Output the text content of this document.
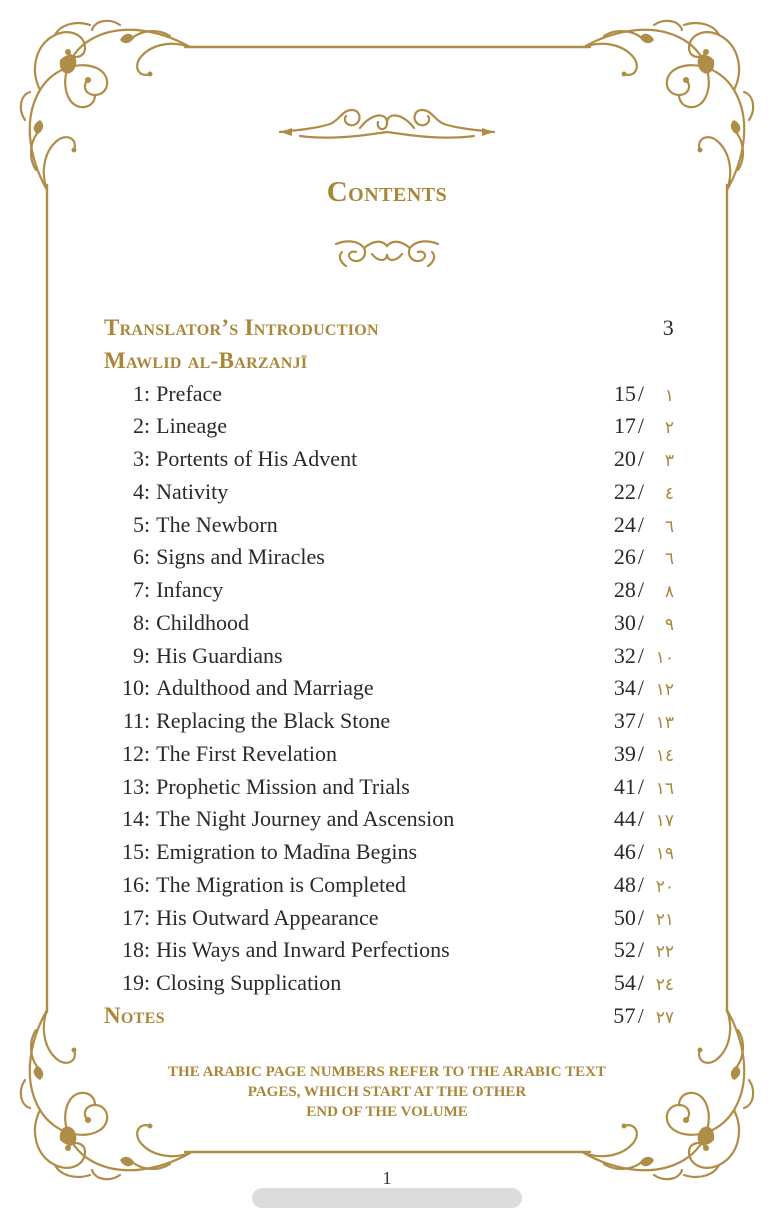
Contents
Translator’s Introduction	3
Mawlid al-Barzanjī
1: Preface	15/ ١
2: Lineage	17/ ٢
3: Portents of His Advent	20/ ٣
4: Nativity	22/ ٤
5: The Newborn	24/ ٦
6: Signs and Miracles	26/ ٦
7: Infancy	28/ ٨
8: Childhood	30/ ٩
9: His Guardians	32/ ١٠
10: Adulthood and Marriage	34/ ١٢
11: Replacing the Black Stone	37/ ١٣
12: The First Revelation	39/ ١٤
13: Prophetic Mission and Trials	41/ ١٦
14: The Night Journey and Ascension	44/ ١٧
15: Emigration to Madīna Begins	46/ ١٩
16: The Migration is Completed	48/ ٢٠
17: His Outward Appearance	50/ ٢١
18: His Ways and Inward Perfections	52/ ٢٢
19: Closing Supplication	54/ ٢٤
Notes	57/ ٢٧
THE ARABIC PAGE NUMBERS REFER TO THE ARABIC TEXT
PAGES, WHICH START AT THE OTHER
END OF THE VOLUME
1
